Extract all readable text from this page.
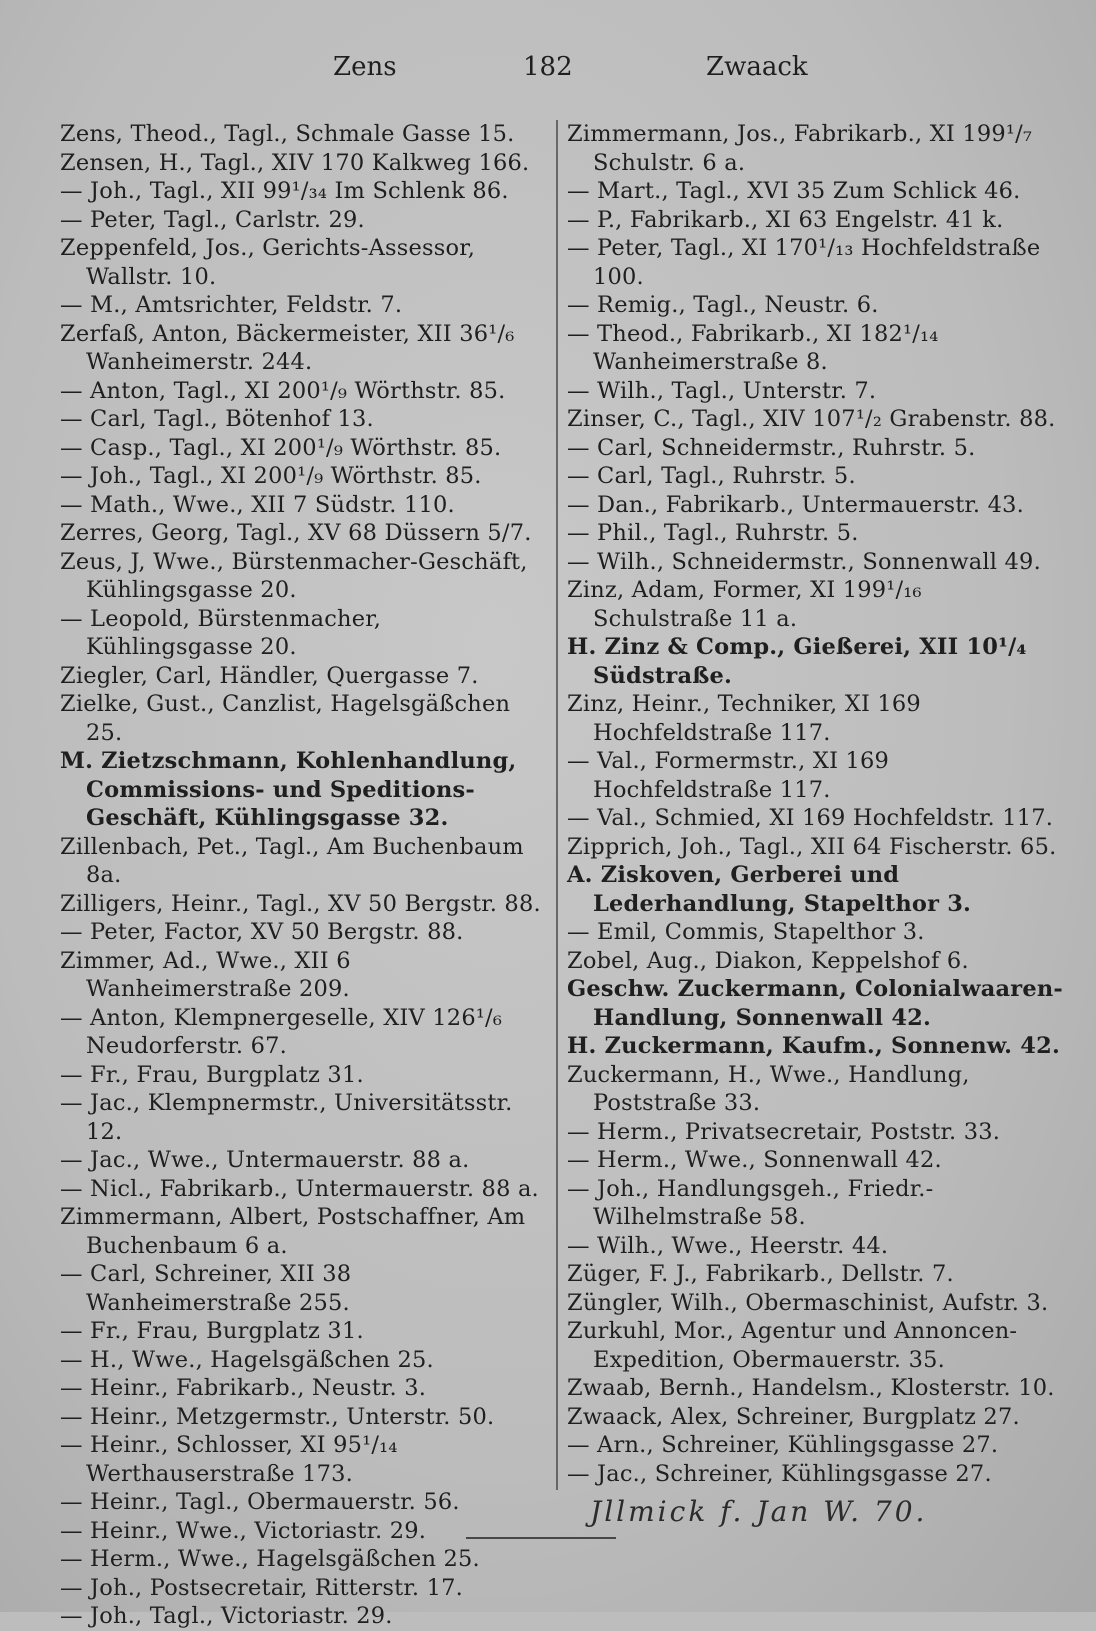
Zens	182	Zwaack
Zens, Theod., Tagl., Schmale Gasse 15.
Zensen, H., Tagl., XIV 170 Kalkweg 166.
— Joh., Tagl., XII 99¹/₃₄ Im Schlenk 86.
— Peter, Tagl., Carlstr. 29.
Zeppenfeld, Jos., Gerichts-Assessor, Wallstr. 10.
— M., Amtsrichter, Feldstr. 7.
Zerfaß, Anton, Bäckermeister, XII 36¹/₆ Wanheimerstr. 244.
— Anton, Tagl., XI 200¹/₉ Wörthstr. 85.
— Carl, Tagl., Bötenhof 13.
— Casp., Tagl., XI 200¹/₉ Wörthstr. 85.
— Joh., Tagl., XI 200¹/₉ Wörthstr. 85.
— Math., Wwe., XII 7 Südstr. 110.
Zerres, Georg, Tagl., XV 68 Düssern 5/7.
Zeus, J, Wwe., Bürstenmacher-Geschäft, Kühlingsgasse 20.
— Leopold, Bürstenmacher, Kühlingsgasse 20.
Ziegler, Carl, Händler, Quergasse 7.
Zielke, Gust., Canzlist, Hagelsgäßchen 25.
M. Zietzschmann, Kohlenhandlung, Commissions- und Speditions-Geschäft, Kühlingsgasse 32.
Zillenbach, Pet., Tagl., Am Buchenbaum 8a.
Zilligers, Heinr., Tagl., XV 50 Bergstr. 88.
— Peter, Factor, XV 50 Bergstr. 88.
Zimmer, Ad., Wwe., XII 6 Wanheimerstraße 209.
— Anton, Klempnergeselle, XIV 126¹/₆ Neudorferstr. 67.
— Fr., Frau, Burgplatz 31.
— Jac., Klempnermstr., Universitätsstr. 12.
— Jac., Wwe., Untermauerstr. 88 a.
— Nicl., Fabrikarb., Untermauerstr. 88 a.
Zimmermann, Albert, Postschaffner, Am Buchenbaum 6 a.
— Carl, Schreiner, XII 38 Wanheimerstraße 255.
— Fr., Frau, Burgplatz 31.
— H., Wwe., Hagelsgäßchen 25.
— Heinr., Fabrikarb., Neustr. 3.
— Heinr., Metzgermstr., Unterstr. 50.
— Heinr., Schlosser, XI 95¹/₁₄ Werthauserstraße 173.
— Heinr., Tagl., Obermauerstr. 56.
— Heinr., Wwe., Victoriastr. 29.
— Herm., Wwe., Hagelsgäßchen 25.
— Joh., Postsecretair, Ritterstr. 17.
— Joh., Tagl., Victoriastr. 29.
Zimmermann, Jos., Fabrikarb., XI 199¹/₇ Schulstr. 6 a.
— Mart., Tagl., XVI 35 Zum Schlick 46.
— P., Fabrikarb., XI 63 Engelstr. 41 k.
— Peter, Tagl., XI 170¹/₁₃ Hochfeldstraße 100.
— Remig., Tagl., Neustr. 6.
— Theod., Fabrikarb., XI 182¹/₁₄ Wanheimerstraße 8.
— Wilh., Tagl., Unterstr. 7.
Zinser, C., Tagl., XIV 107¹/₂ Grabenstr. 88.
— Carl, Schneidermstr., Ruhrstr. 5.
— Carl, Tagl., Ruhrstr. 5.
— Dan., Fabrikarb., Untermauerstr. 43.
— Phil., Tagl., Ruhrstr. 5.
— Wilh., Schneidermstr., Sonnenwall 49.
Zinz, Adam, Former, XI 199¹/₁₆ Schulstraße 11 a.
H. Zinz & Comp., Gießerei, XII 10¹/₄ Südstraße.
Zinz, Heinr., Techniker, XI 169 Hochfeldstraße 117.
— Val., Formermstr., XI 169 Hochfeldstraße 117.
— Val., Schmied, XI 169 Hochfeldstr. 117.
Zipprich, Joh., Tagl., XII 64 Fischerstr. 65.
A. Ziskoven, Gerberei und Lederhandlung, Stapelthor 3.
— Emil, Commis, Stapelthor 3.
Zobel, Aug., Diakon, Keppelshof 6.
Geschw. Zuckermann, Colonialwaaren-Handlung, Sonnenwall 42.
H. Zuckermann, Kaufm., Sonnenw. 42.
Zuckermann, H., Wwe., Handlung, Poststraße 33.
— Herm., Privatsecretair, Poststr. 33.
— Herm., Wwe., Sonnenwall 42.
— Joh., Handlungsgeh., Friedr.-Wilhelmstraße 58.
— Wilh., Wwe., Heerstr. 44.
Züger, F. J., Fabrikarb., Dellstr. 7.
Züngler, Wilh., Obermaschinist, Aufstr. 3.
Zurkuhl, Mor., Agentur und Annoncen-Expedition, Obermauerstr. 35.
Zwaab, Bernh., Handelsm., Klosterstr. 10.
Zwaack, Alex, Schreiner, Burgplatz 27.
— Arn., Schreiner, Kühlingsgasse 27.
— Jac., Schreiner, Kühlingsgasse 27.
Jllmick f. Jan W. 70.
